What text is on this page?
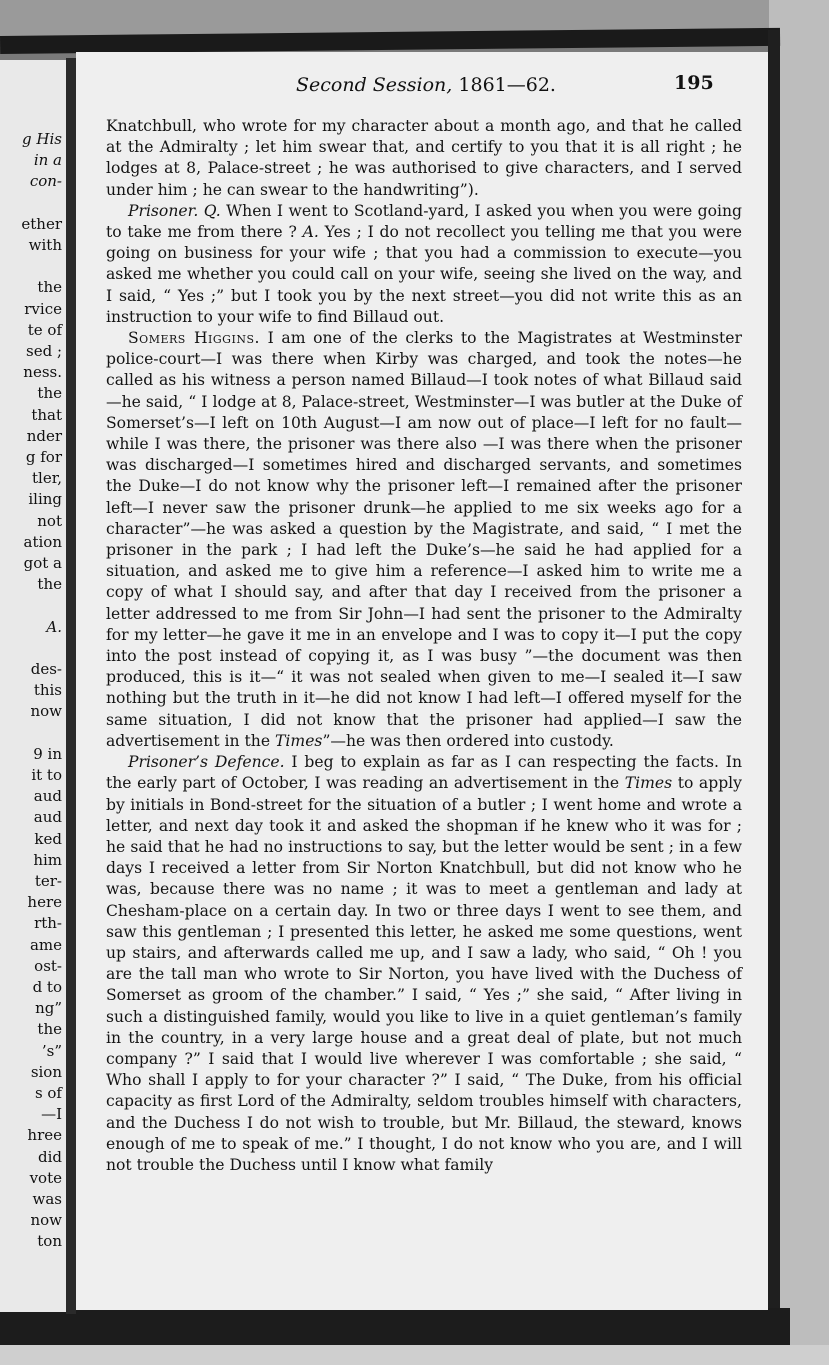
g His
in a
con-
ether
with
the
rvice
te of
sed ;
ness.
the
that
nder
g for
tler,
iling
not
ation
got a
the
A.
des-
this
now
9 in
it to
aud
aud
ked
him
ter-
here
rth-
ame
ost-
d to
ng”
the
’s”
sion
s of
—I
hree
did
vote
was
now
ton
Second Session, 1861—62.	195

Knatchbull, who wrote for my character about a month ago, and that he called at the Admiralty ; let him swear that, and certify to you that it is all right ; he lodges at 8, Palace-street ; he was authorised to give characters, and I served under him ; he can swear to the handwriting”).

Prisoner. Q. When I went to Scotland-yard, I asked you when you were going to take me from there ? A. Yes ; I do not recollect you telling me that you were going on business for your wife ; that you had a commission to execute—you asked me whether you could call on your wife, seeing she lived on the way, and I said, “ Yes ;” but I took you by the next street—you did not write this as an instruction to your wife to find Billaud out.

Somers Higgins. I am one of the clerks to the Magistrates at Westminster police-court—I was there when Kirby was charged, and took the notes—he called as his witness a person named Billaud—I took notes of what Billaud said—he said, “ I lodge at 8, Palace-street, Westminster—I was butler at the Duke of Somerset’s—I left on 10th August—I am now out of place—I left for no fault—while I was there, the prisoner was there also —I was there when the prisoner was discharged—I sometimes hired and discharged servants, and sometimes the Duke—I do not know why the prisoner left—I remained after the prisoner left—I never saw the prisoner drunk—he applied to me six weeks ago for a character”—he was asked a question by the Magistrate, and said, “ I met the prisoner in the park ; I had left the Duke’s—he said he had applied for a situation, and asked me to give him a reference—I asked him to write me a copy of what I should say, and after that day I received from the prisoner a letter addressed to me from Sir John—I had sent the prisoner to the Admiralty for my letter—he gave it me in an envelope and I was to copy it—I put the copy into the post instead of copying it, as I was busy ”—the document was then produced, this is it—“ it was not sealed when given to me—I sealed it—I saw nothing but the truth in it—he did not know I had left—I offered myself for the same situation, I did not know that the prisoner had applied—I saw the advertisement in the Times”—he was then ordered into custody.

Prisoner’s Defence. I beg to explain as far as I can respecting the facts. In the early part of October, I was reading an advertisement in the Times to apply by initials in Bond-street for the situation of a butler ; I went home and wrote a letter, and next day took it and asked the shopman if he knew who it was for ; he said that he had no instructions to say, but the letter would be sent ; in a few days I received a letter from Sir Norton Knatchbull, but did not know who he was, because there was no name ; it was to meet a gentleman and lady at Chesham-place on a certain day. In two or three days I went to see them, and saw this gentleman ; I presented this letter, he asked me some questions, went up stairs, and afterwards called me up, and I saw a lady, who said, “ Oh ! you are the tall man who wrote to Sir Norton, you have lived with the Duchess of Somerset as groom of the chamber.” I said, “ Yes ;” she said, “ After living in such a distinguished family, would you like to live in a quiet gentleman’s family in the country, in a very large house and a great deal of plate, but not much company ?” I said that I would live wherever I was comfortable ; she said, “ Who shall I apply to for your character ?” I said, “ The Duke, from his official capacity as first Lord of the Admiralty, seldom troubles himself with characters, and the Duchess I do not wish to trouble, but Mr. Billaud, the steward, knows enough of me to speak of me.” I thought, I do not know who you are, and I will not trouble the Duchess until I know what family
